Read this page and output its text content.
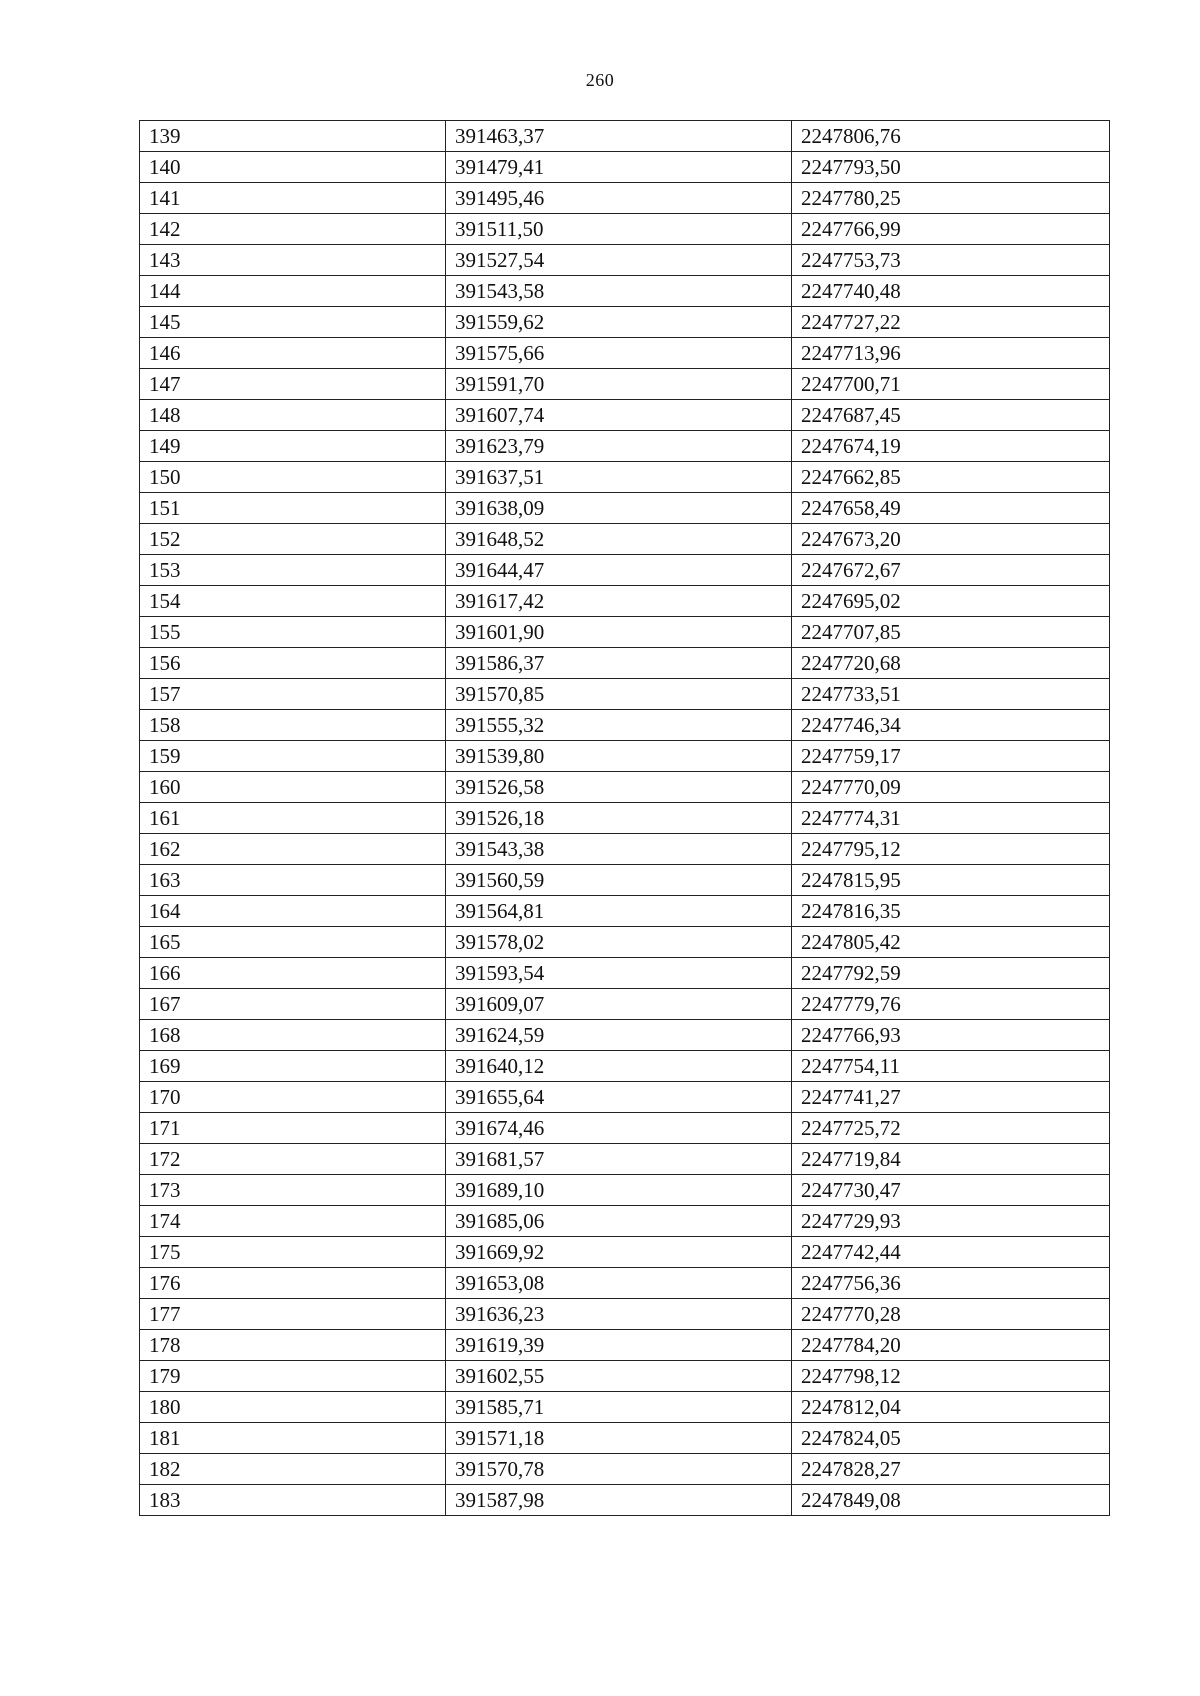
260
139	391463,37	2247806,76
140	391479,41	2247793,50
141	391495,46	2247780,25
142	391511,50	2247766,99
143	391527,54	2247753,73
144	391543,58	2247740,48
145	391559,62	2247727,22
146	391575,66	2247713,96
147	391591,70	2247700,71
148	391607,74	2247687,45
149	391623,79	2247674,19
150	391637,51	2247662,85
151	391638,09	2247658,49
152	391648,52	2247673,20
153	391644,47	2247672,67
154	391617,42	2247695,02
155	391601,90	2247707,85
156	391586,37	2247720,68
157	391570,85	2247733,51
158	391555,32	2247746,34
159	391539,80	2247759,17
160	391526,58	2247770,09
161	391526,18	2247774,31
162	391543,38	2247795,12
163	391560,59	2247815,95
164	391564,81	2247816,35
165	391578,02	2247805,42
166	391593,54	2247792,59
167	391609,07	2247779,76
168	391624,59	2247766,93
169	391640,12	2247754,11
170	391655,64	2247741,27
171	391674,46	2247725,72
172	391681,57	2247719,84
173	391689,10	2247730,47
174	391685,06	2247729,93
175	391669,92	2247742,44
176	391653,08	2247756,36
177	391636,23	2247770,28
178	391619,39	2247784,20
179	391602,55	2247798,12
180	391585,71	2247812,04
181	391571,18	2247824,05
182	391570,78	2247828,27
183	391587,98	2247849,08
